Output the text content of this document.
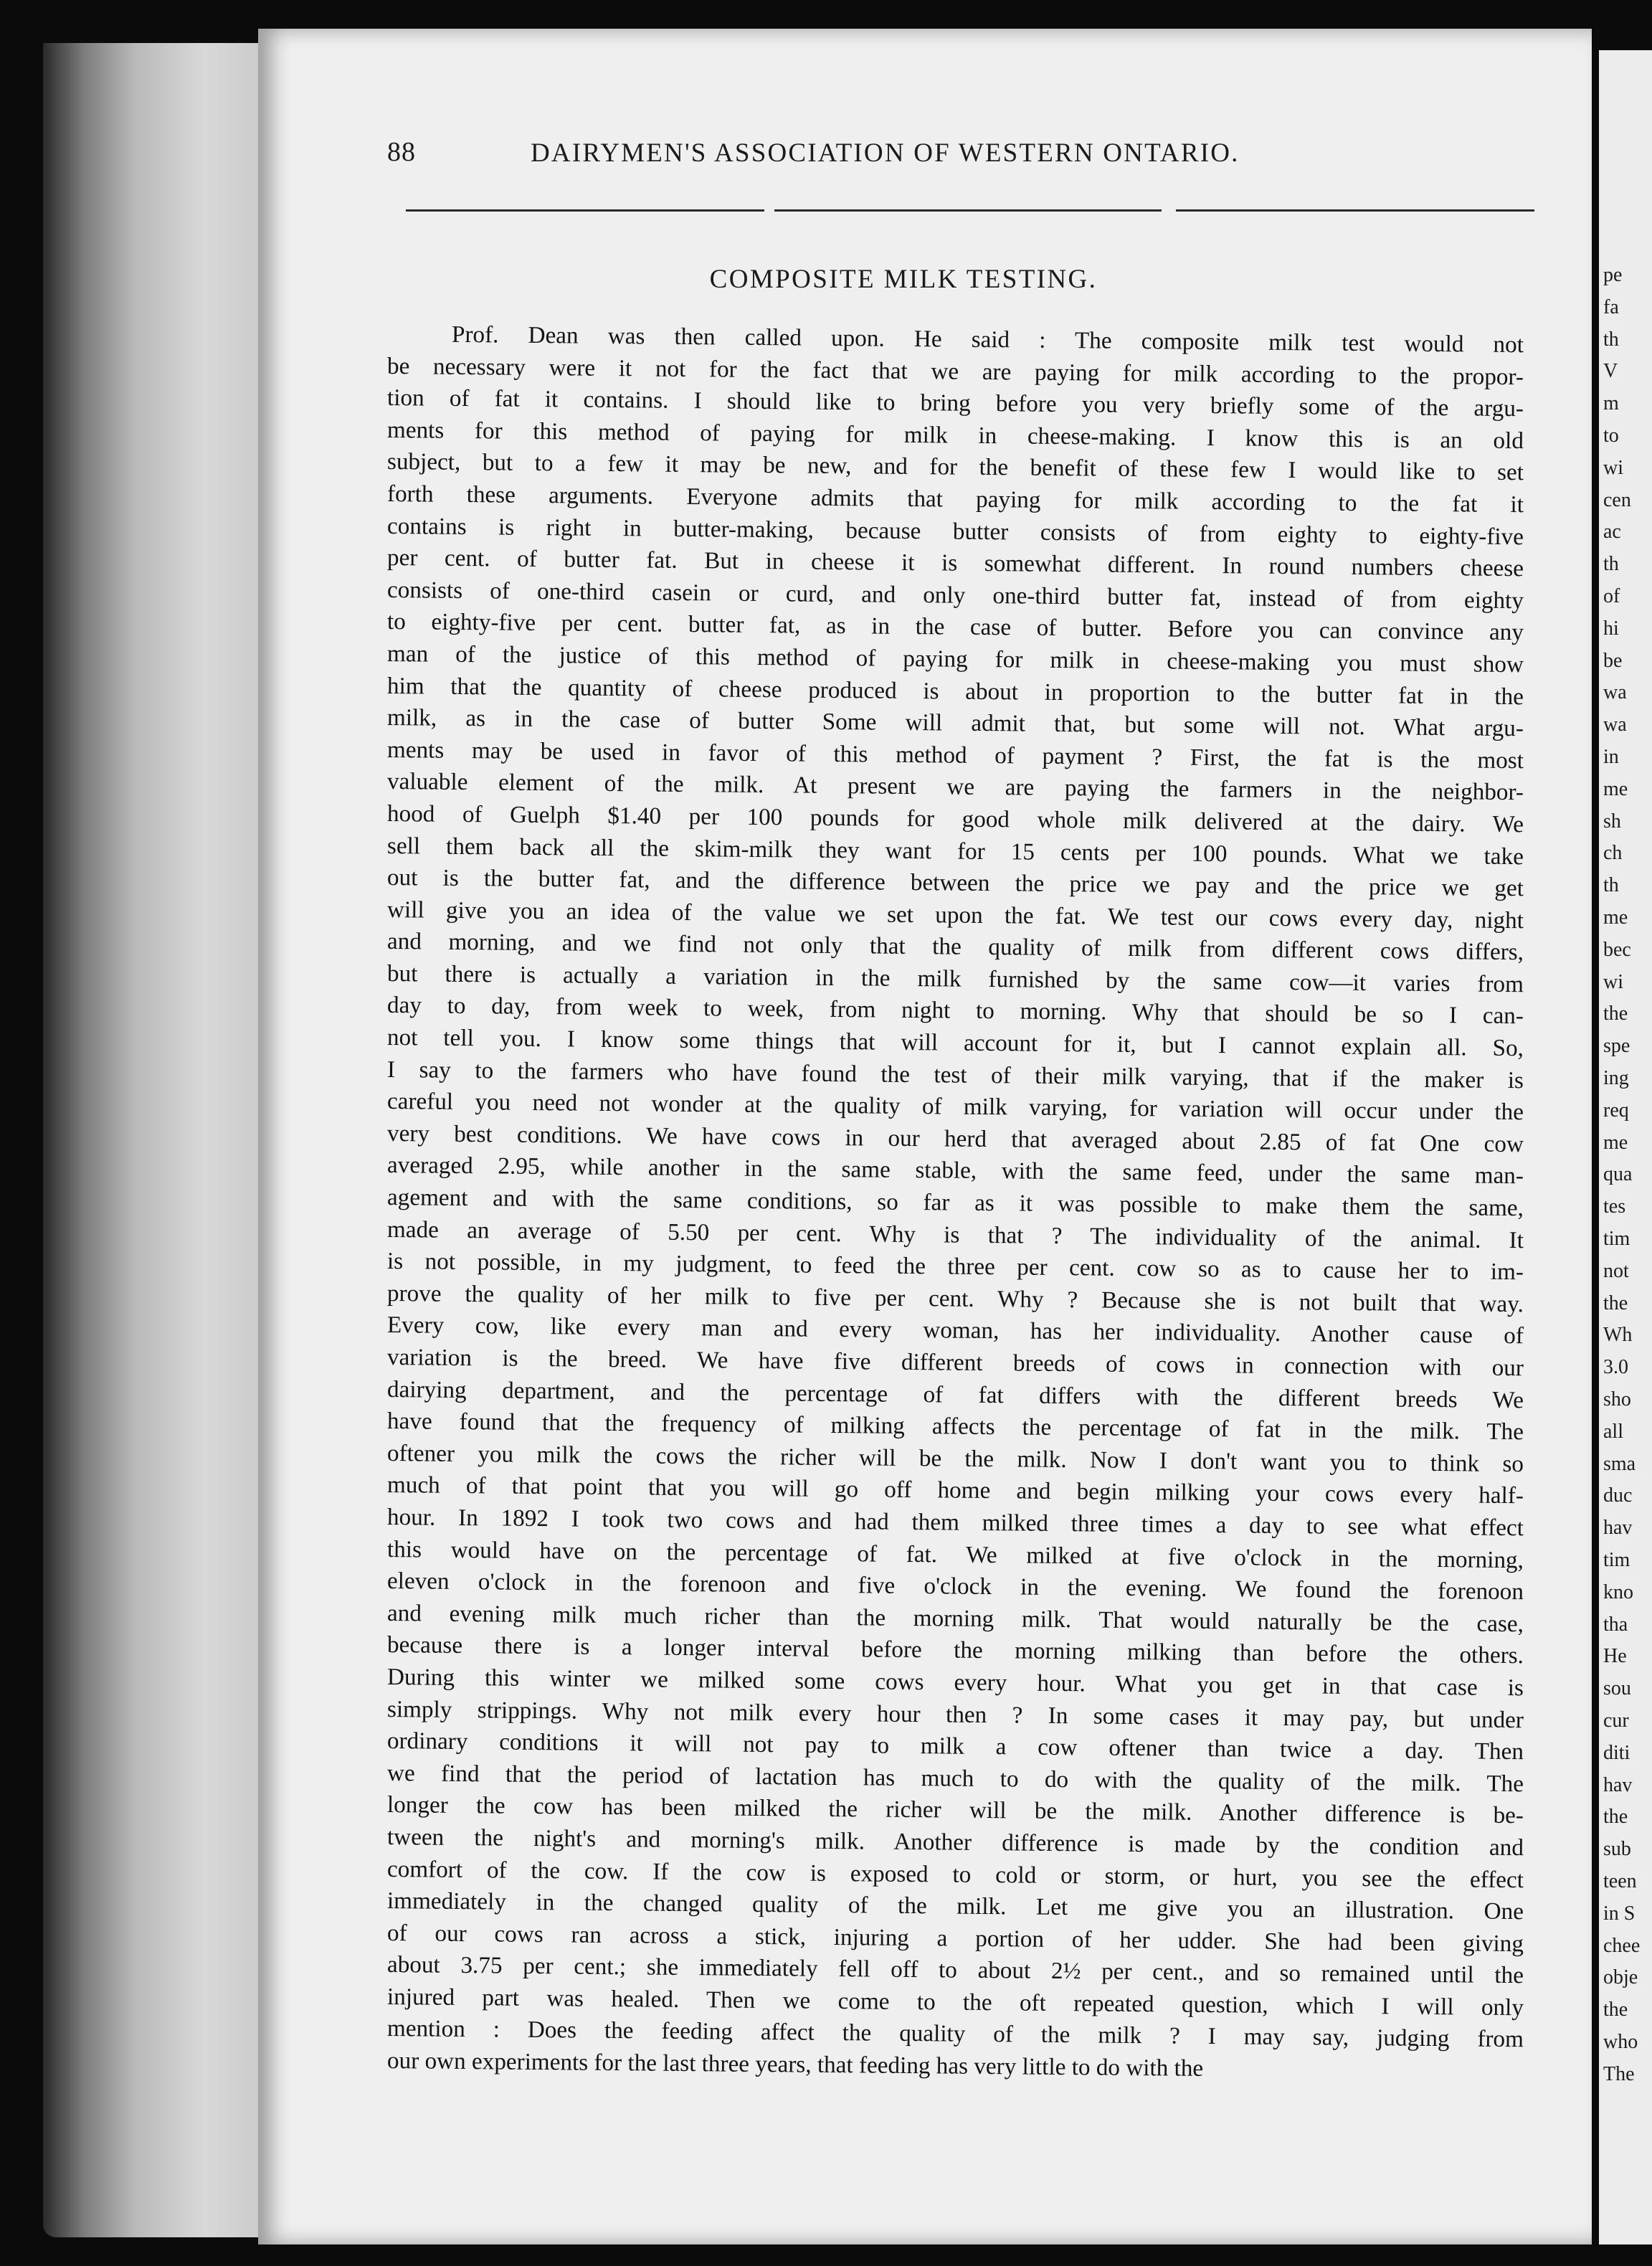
88	DAIRYMEN'S ASSOCIATION OF WESTERN ONTARIO.
COMPOSITE MILK TESTING.
Prof. Dean was then called upon. He said : The composite milk test would not
be necessary were it not for the fact that we are paying for milk according to the propor-
tion of fat it contains. I should like to bring before you very briefly some of the argu-
ments for this method of paying for milk in cheese-making. I know this is an old
subject, but to a few it may be new, and for the benefit of these few I would like to set
forth these arguments. Everyone admits that paying for milk according to the fat it
contains is right in butter-making, because butter consists of from eighty to eighty-five
per cent. of butter fat. But in cheese it is somewhat different. In round numbers cheese
consists of one-third casein or curd, and only one-third butter fat, instead of from eighty
to eighty-five per cent. butter fat, as in the case of butter. Before you can convince any
man of the justice of this method of paying for milk in cheese-making you must show
him that the quantity of cheese produced is about in proportion to the butter fat in the
milk, as in the case of butter Some will admit that, but some will not. What argu-
ments may be used in favor of this method of payment ? First, the fat is the most
valuable element of the milk. At present we are paying the farmers in the neighbor-
hood of Guelph $1.40 per 100 pounds for good whole milk delivered at the dairy. We
sell them back all the skim-milk they want for 15 cents per 100 pounds. What we take
out is the butter fat, and the difference between the price we pay and the price we get
will give you an idea of the value we set upon the fat. We test our cows every day, night
and morning, and we find not only that the quality of milk from different cows differs,
but there is actually a variation in the milk furnished by the same cow—it varies from
day to day, from week to week, from night to morning. Why that should be so I can-
not tell you. I know some things that will account for it, but I cannot explain all. So,
I say to the farmers who have found the test of their milk varying, that if the maker is
careful you need not wonder at the quality of milk varying, for variation will occur under the
very best conditions. We have cows in our herd that averaged about 2.85 of fat One cow
averaged 2.95, while another in the same stable, with the same feed, under the same man-
agement and with the same conditions, so far as it was possible to make them the same,
made an average of 5.50 per cent. Why is that ? The individuality of the animal. It
is not possible, in my judgment, to feed the three per cent. cow so as to cause her to im-
prove the quality of her milk to five per cent. Why ? Because she is not built that way.
Every cow, like every man and every woman, has her individuality. Another cause of
variation is the breed. We have five different breeds of cows in connection with our
dairying department, and the percentage of fat differs with the different breeds We
have found that the frequency of milking affects the percentage of fat in the milk. The
oftener you milk the cows the richer will be the milk. Now I don't want you to think so
much of that point that you will go off home and begin milking your cows every half-
hour. In 1892 I took two cows and had them milked three times a day to see what effect
this would have on the percentage of fat. We milked at five o'clock in the morning,
eleven o'clock in the forenoon and five o'clock in the evening. We found the forenoon
and evening milk much richer than the morning milk. That would naturally be the case,
because there is a longer interval before the morning milking than before the others.
During this winter we milked some cows every hour. What you get in that case is
simply strippings. Why not milk every hour then ? In some cases it may pay, but under
ordinary conditions it will not pay to milk a cow oftener than twice a day. Then
we find that the period of lactation has much to do with the quality of the milk. The
longer the cow has been milked the richer will be the milk. Another difference is be-
tween the night's and morning's milk. Another difference is made by the condition and
comfort of the cow. If the cow is exposed to cold or storm, or hurt, you see the effect
immediately in the changed quality of the milk. Let me give you an illustration. One
of our cows ran across a stick, injuring a portion of her udder. She had been giving
about 3.75 per cent.; she immediately fell off to about 2½ per cent., and so remained until the
injured part was healed. Then we come to the oft repeated question, which I will only
mention : Does the feeding affect the quality of the milk ? I may say, judging from
our own experiments for the last three years, that feeding has very little to do with the
pe
fa
th
V
m
to
wi
cen
ac
th
of
hi
be
wa
wa
in
me
sh
ch
th
me
bec
wi
the
spe
ing
req
me
qua
tes
tim
not
the
Wh
3.0
sho
all
sma
duc
hav
tim
kno
tha
He
sou
cur
diti
hav
the
sub
teen
in S
chee
obje
the
who
The
